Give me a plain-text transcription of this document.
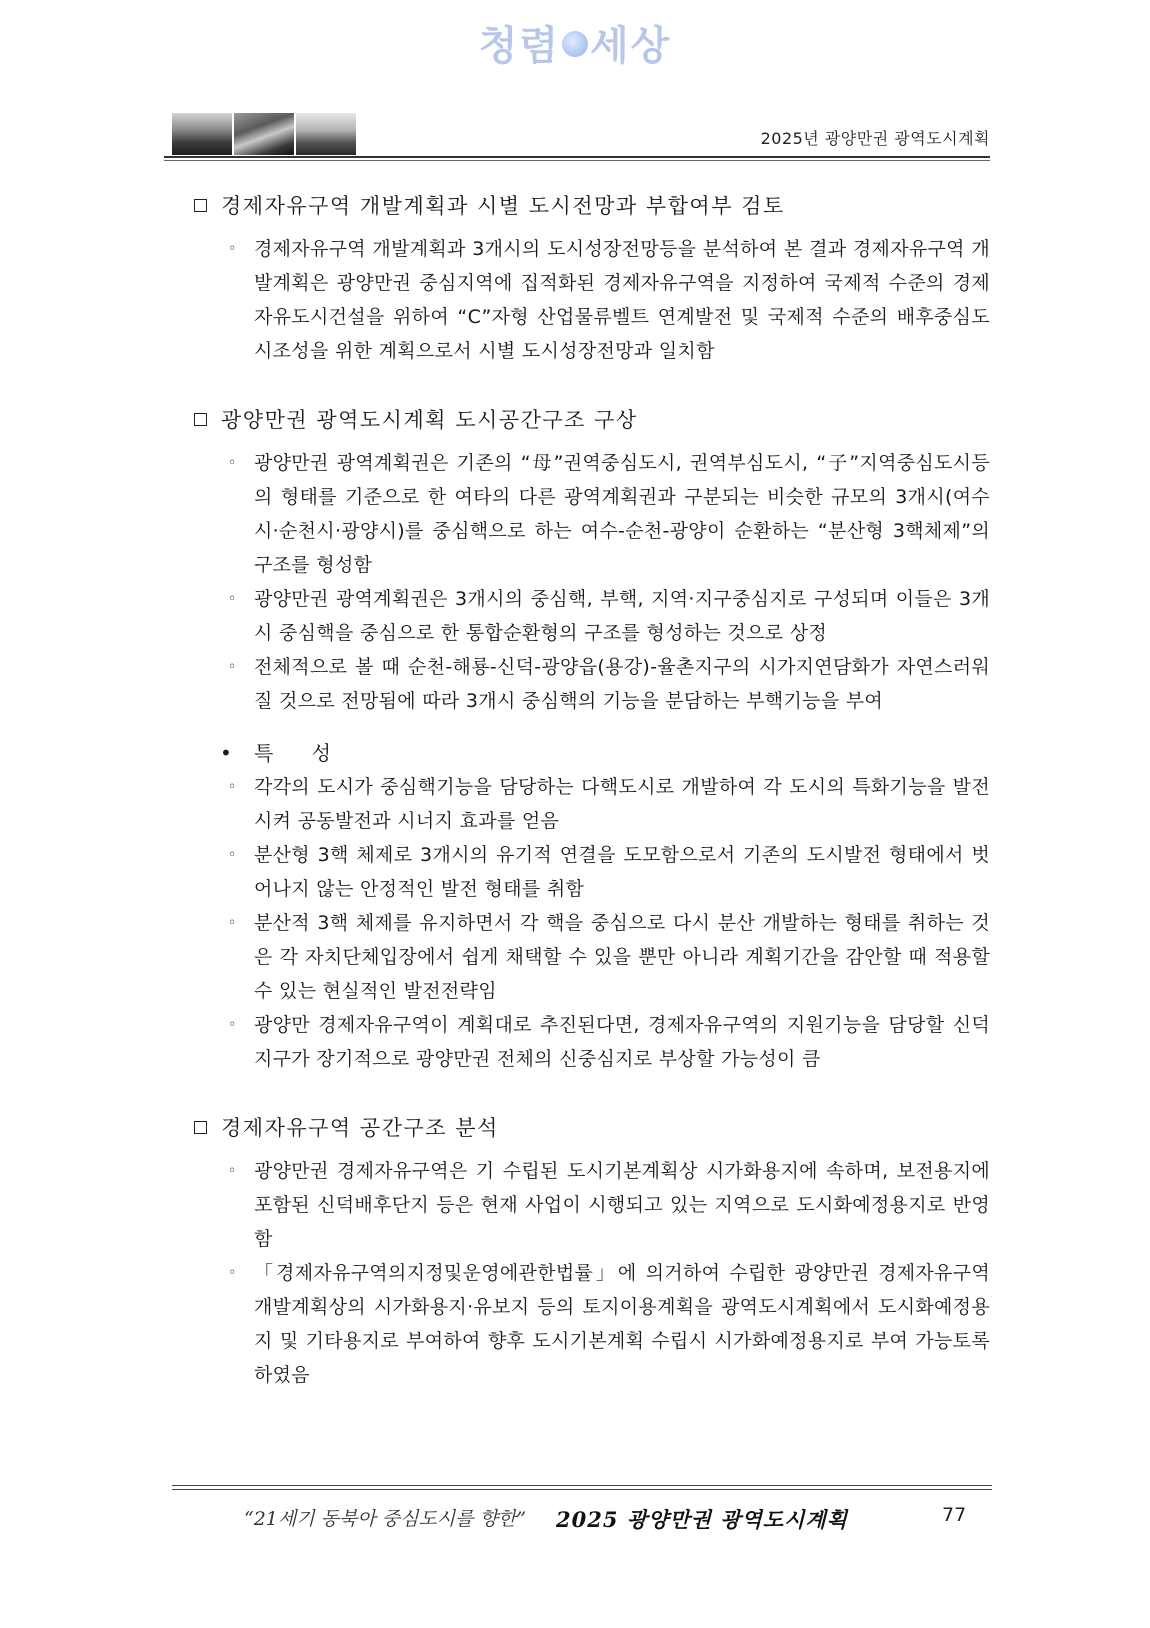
청렴 세상
2025년 광양만권 광역도시계획
경제자유구역 개발계획과 시별 도시전망과 부합여부 검토
◦ 경제자유구역 개발계획과 3개시의 도시성장전망등을 분석하여 본 결과 경제자유구역 개발계획은 광양만권 중심지역에 집적화된 경제자유구역을 지정하여 국제적 수준의 경제자유도시건설을 위하여 “C”자형 산업물류벨트 연계발전 및 국제적 수준의 배후중심도시조성을 위한 계획으로서 시별 도시성장전망과 일치함
광양만권 광역도시계획 도시공간구조 구상
◦ 광양만권 광역계획권은 기존의 “母”권역중심도시, 권역부심도시, “子”지역중심도시등의 형태를 기준으로 한 여타의 다른 광역계획권과 구분되는 비슷한 규모의 3개시(여수시·순천시·광양시)를 중심핵으로 하는 여수-순천-광양이 순환하는 “분산형 3핵체제”의 구조를 형성함
◦ 광양만권 광역계획권은 3개시의 중심핵, 부핵, 지역·지구중심지로 구성되며 이들은 3개시 중심핵을 중심으로 한 통합순환형의 구조를 형성하는 것으로 상정
◦ 전체적으로 볼 때 순천-해룡-신덕-광양읍(용강)-율촌지구의 시가지연담화가 자연스러워 질 것으로 전망됨에 따라 3개시 중심핵의 기능을 분담하는 부핵기능을 부여
• 특 성
◦ 각각의 도시가 중심핵기능을 담당하는 다핵도시로 개발하여 각 도시의 특화기능을 발전시켜 공동발전과 시너지 효과를 얻음
◦ 분산형 3핵 체제로 3개시의 유기적 연결을 도모함으로서 기존의 도시발전 형태에서 벗어나지 않는 안정적인 발전 형태를 취함
◦ 분산적 3핵 체제를 유지하면서 각 핵을 중심으로 다시 분산 개발하는 형태를 취하는 것은 각 자치단체입장에서 쉽게 채택할 수 있을 뿐만 아니라 계획기간을 감안할 때 적용할 수 있는 현실적인 발전전략임
◦ 광양만 경제자유구역이 계획대로 추진된다면, 경제자유구역의 지원기능을 담당할 신덕지구가 장기적으로 광양만권 전체의 신중심지로 부상할 가능성이 큼
경제자유구역 공간구조 분석
◦ 광양만권 경제자유구역은 기 수립된 도시기본계획상 시가화용지에 속하며, 보전용지에 포함된 신덕배후단지 등은 현재 사업이 시행되고 있는 지역으로 도시화예정용지로 반영함
◦ 「경제자유구역의지정및운영에관한법률」에 의거하여 수립한 광양만권 경제자유구역 개발계획상의 시가화용지·유보지 등의 토지이용계획을 광역도시계획에서 도시화예정용지 및 기타용지로 부여하여 향후 도시기본계획 수립시 시가화예정용지로 부여 가능토록 하였음
“21세기 동북아 중심도시를 향한” 2025 광양만권 광역도시계획	77
